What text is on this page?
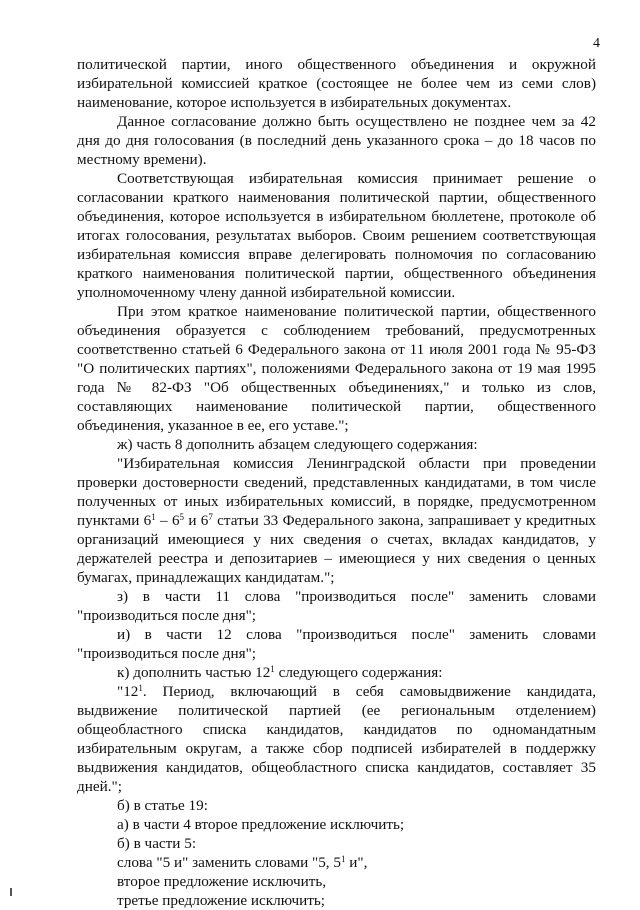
4

политической партии, иного общественного объединения и окружной избирательной комиссией краткое (состоящее не более чем из семи слов) наименование, которое используется в избирательных документах.

Данное согласование должно быть осуществлено не позднее чем за 42 дня до дня голосования (в последний день указанного срока – до 18 часов по местному времени).

Соответствующая избирательная комиссия принимает решение о согласовании краткого наименования политической партии, общественного объединения, которое используется в избирательном бюллетене, протоколе об итогах голосования, результатах выборов. Своим решением соответствующая избирательная комиссия вправе делегировать полномочия по согласованию краткого наименования политической партии, общественного объединения уполномоченному члену данной избирательной комиссии.

При этом краткое наименование политической партии, общественного объединения образуется с соблюдением требований, предусмотренных соответственно статьей 6 Федерального закона от 11 июля 2001 года № 95-ФЗ "О политических партиях", положениями Федерального закона от 19 мая 1995 года № 82-ФЗ "Об общественных объединениях," и только из слов, составляющих наименование политической партии, общественного объединения, указанное в ее, его уставе.";

ж) часть 8 дополнить абзацем следующего содержания:

"Избирательная комиссия Ленинградской области при проведении проверки достоверности сведений, представленных кандидатами, в том числе полученных от иных избирательных комиссий, в порядке, предусмотренном пунктами $6^1 - 6^5$ и $6^7$ статьи 33 Федерального закона, запрашивает у кредитных организаций имеющиеся у них сведения о счетах, вкладах кандидатов, у держателей реестра и депозитариев – имеющиеся у них сведения о ценных бумагах, принадлежащих кандидатам.";

з) в части 11 слова "производиться после" заменить словами "производиться после дня";

и) в части 12 слова "производиться после" заменить словами "производиться после дня";

к) дополнить частью $12^1$ следующего содержания:

"$12^1$. Период, включающий в себя самовыдвижение кандидата, выдвижение политической партией (ее региональным отделением) общеобластного списка кандидатов, кандидатов по одномандатным избирательным округам, а также сбор подписей избирателей в поддержку выдвижения кандидатов, общеобластного списка кандидатов, составляет 35 дней.";

б) в статье 19:

а) в части 4 второе предложение исключить;

б) в части 5:

слова "5 и" заменить словами "5, $5^1$ и",

второе предложение исключить,

третье предложение исключить;
